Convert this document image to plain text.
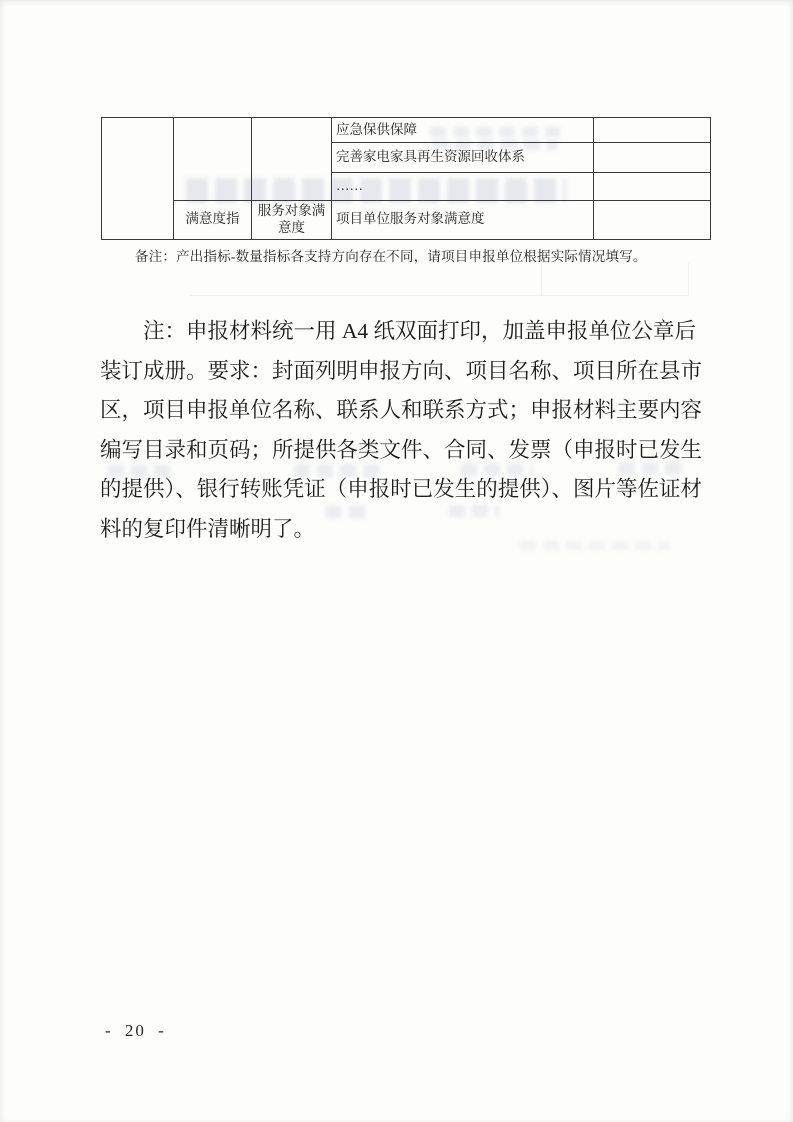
			应急保供保障	
			完善家电家具再生资源回收体系	
			……	
	满意度指	服务对象满意度	项目单位服务对象满意度	
备注：产出指标-数量指标各支持方向存在不同，请项目申报单位根据实际情况填写。
注：申报材料统一用 A4 纸双面打印，加盖申报单位公章后
装订成册。要求：封面列明申报方向、项目名称、项目所在县市
区，项目申报单位名称、联系人和联系方式；申报材料主要内容
编写目录和页码；所提供各类文件、合同、发票（申报时已发生
的提供）、银行转账凭证（申报时已发生的提供）、图片等佐证材
料的复印件清晰明了。
- 20 -
